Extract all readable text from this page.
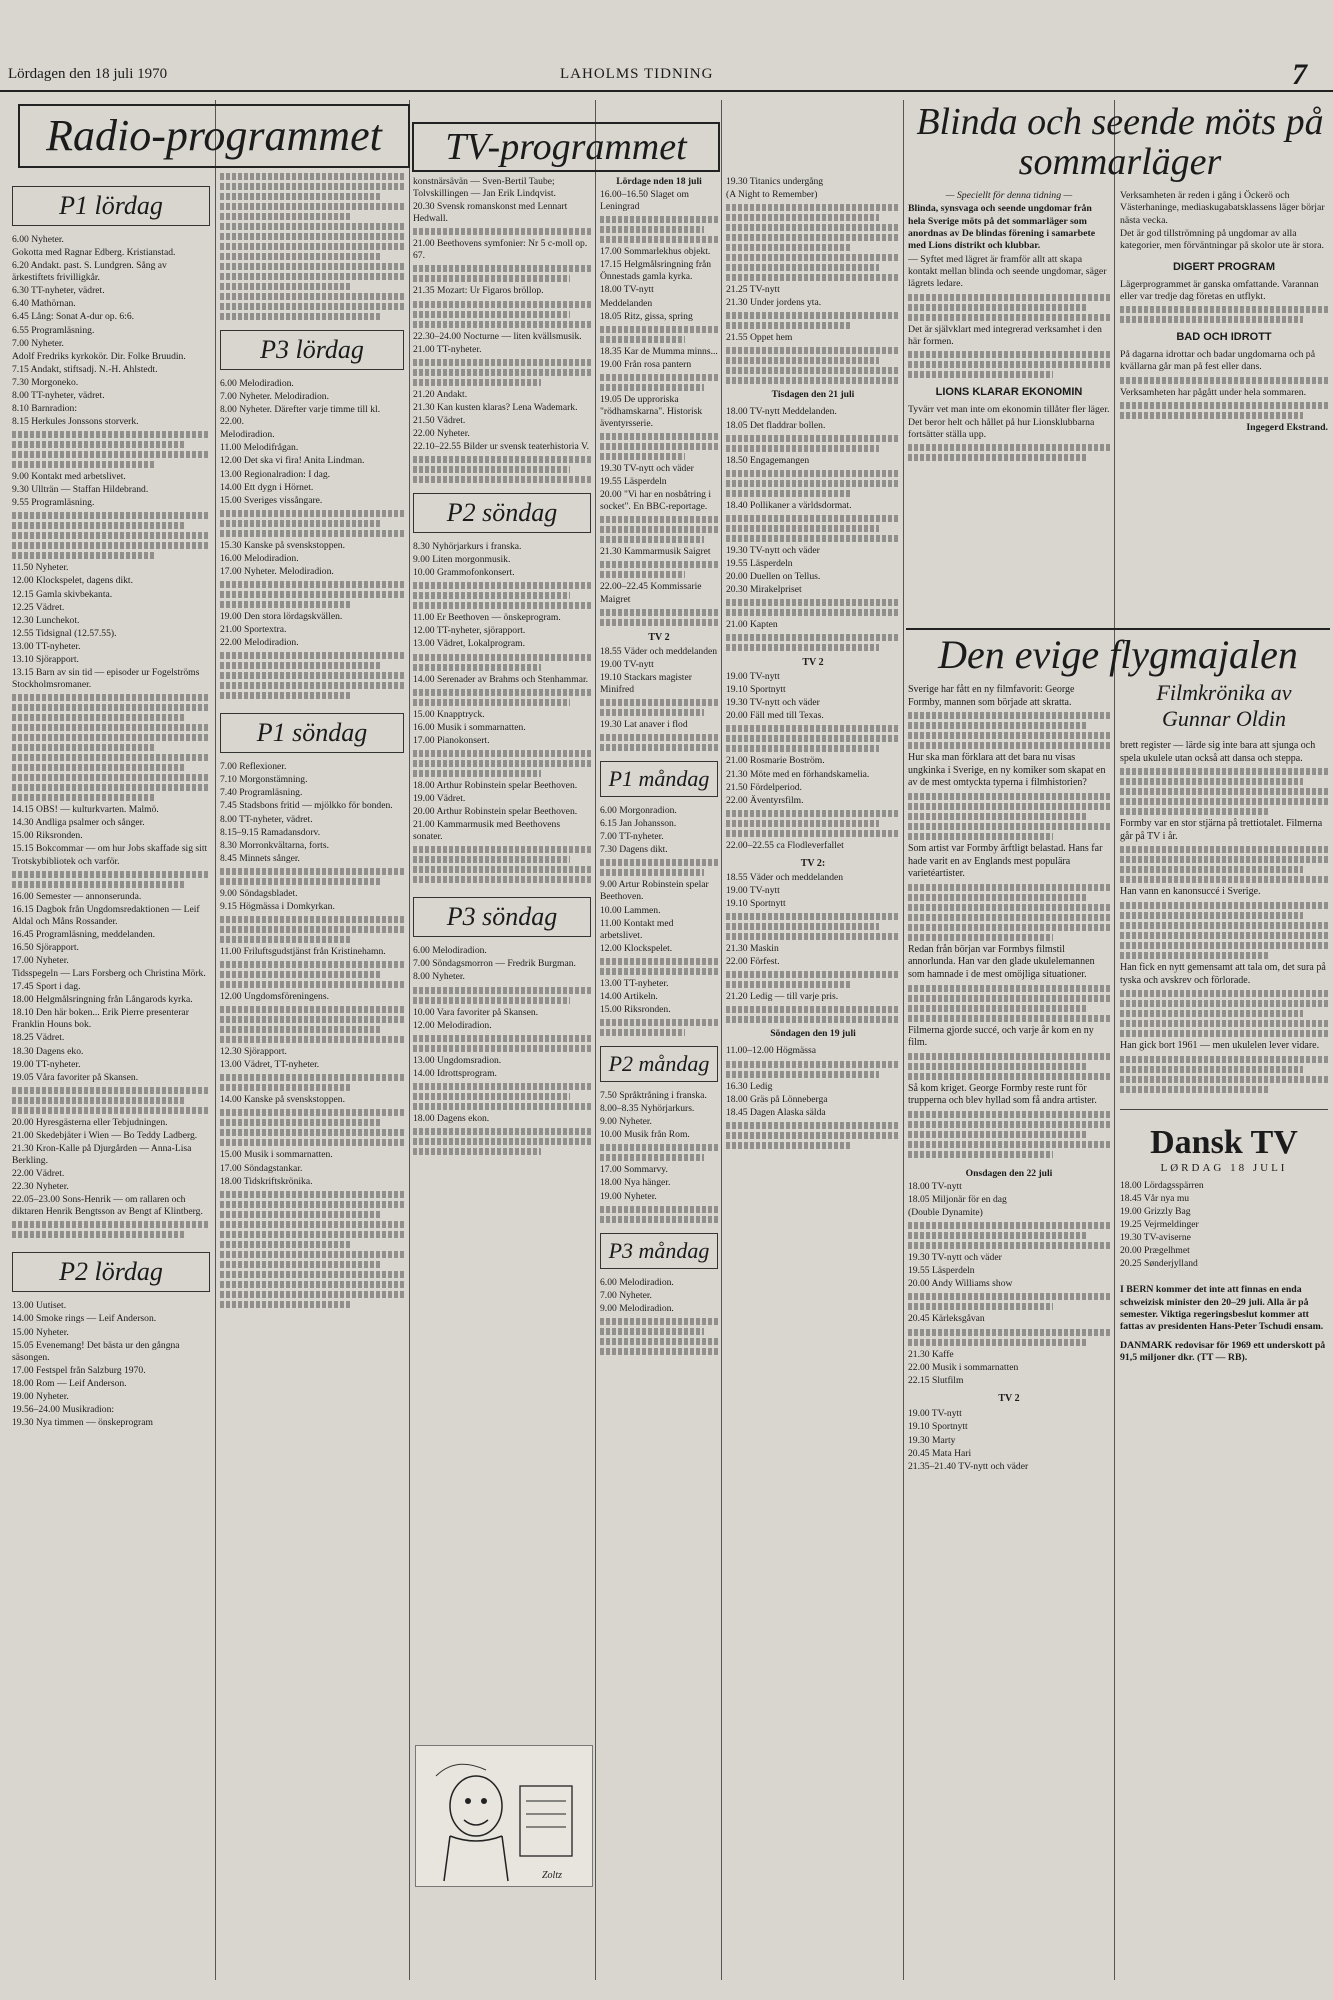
Lördagen den 18 juli 1970	LAHOLMS TIDNING	7
Radio-programmet
P1 lördag

6.00 Nyheter.

Gokotta med Ragnar Edberg. Kristianstad.

6.20 Andakt. past. S. Lundgren. Sång av ärkestiftets frivilligkår.

6.30 TT-nyheter, vädret.

6.40 Mathörnan.

6.45 Lång: Sonat A-dur op. 6:6.

6.55 Programläsning.

7.00 Nyheter.

Adolf Fredriks kyrkokör. Dir. Folke Bruudin.

7.15 Andakt, stiftsadj. N.-H. Ahlstedt.

7.30 Morgoneko.

8.00 TT-nyheter, vädret.

8.10 Barnradion:

8.15 Herkules Jonssons storverk.

9.00 Kontakt med arbetslivet.

9.30 Ullträn — Staffan Hildebrand.

9.55 Programläsning.

11.50 Nyheter.

12.00 Klockspelet, dagens dikt.

12.15 Gamla skivbekanta.

12.25 Vädret.

12.30 Lunchekot.

12.55 Tidsignal (12.57.55).

13.00 TT-nyheter.

13.10 Sjörapport.

13.15 Barn av sin tid — episoder ur Fogelströms Stockholmsromaner.

14.15 OBS! — kulturkvarten. Malmö.

14.30 Andliga psalmer och sånger.

15.00 Riksronden.

15.15 Bokcommar — om hur Jobs skaffade sig sitt Trotskybibliotek och varför.

16.00 Semester — annonserunda.

16.15 Dagbok från Ungdomsredaktionen — Leif Aldal och Måns Rossander.

16.45 Programläsning, meddelanden.

16.50 Sjörapport.

17.00 Nyheter.

Tidsspegeln — Lars Forsberg och Christina Mörk.

17.45 Sport i dag.

18.00 Helgmålsringning från Långarods kyrka.

18.10 Den här boken... Erik Pierre presenterar Franklin Houns bok.

18.25 Vädret.

18.30 Dagens eko.

19.00 TT-nyheter.

19.05 Våra favoriter på Skansen.

20.00 Hyresgästerna eller Tebjudningen.

21.00 Skedebjäter i Wien — Bo Teddy Ladberg.

21.30 Kron-Kalle på Djurgården — Anna-Lisa Berkling.

22.00 Vädret.

22.30 Nyheter.

22.05–23.00 Sons-Henrik — om rallaren och diktaren Henrik Bengtsson av Bengt af Klintberg.

P2 lördag

13.00 Uutiset.

14.00 Smoke rings — Leif Anderson.

15.00 Nyheter.

15.05 Evenemang! Det bästa ur den gångna säsongen.

17.00 Festspel från Salzburg 1970.

18.00 Rom — Leif Anderson.

19.00 Nyheter.

19.56–24.00 Musikradion:

19.30 Nya timmen — önskeprogram

P3 lördag

6.00 Melodiradion.

7.00 Nyheter. Melodiradion.

8.00 Nyheter. Därefter varje timme till kl. 22.00.

Melodiradion.

11.00 Melodifrågan.

12.00 Det ska vi fira! Anita Lindman.

13.00 Regionalradion: I dag.

14.00 Ett dygn i Hörnet.

15.00 Sveriges vissångare.

15.30 Kanske på svenskstoppen.

16.00 Melodiradion.

17.00 Nyheter. Melodiradion.

19.00 Den stora lördagskvällen.

21.00 Sportextra.

22.00 Melodiradion.

P1 söndag

7.00 Reflexioner.

7.10 Morgonstämning.

7.40 Programläsning.

7.45 Stadsbons fritid — mjölkko för bonden.

8.00 TT-nyheter, vädret.

8.15–9.15 Ramadansdorv.

8.30 Morronkvältarna, forts.

8.45 Minnets sånger.

9.00 Söndagsbladet.

9.15 Högmässa i Domkyrkan.

11.00 Friluftsgudstjänst från Kristinehamn.

12.00 Ungdomsföreningens.

12.30 Sjörapport.

13.00 Vädret, TT-nyheter.

14.00 Kanske på svenskstoppen.

15.00 Musik i sommarnatten.

17.00 Söndagstankar.

18.00 Tidskriftskrönika.

TV-programmet

konstnärsävän — Sven-Bertil Taube; Tolvskillingen — Jan Erik Lindqvist.

20.30 Svensk romanskonst med Lennart Hedwall.

21.00 Beethovens symfonier: Nr 5 c-moll op. 67.

21.35 Mozart: Ur Figaros bröllop.

22.30–24.00 Nocturne — liten kvällsmusik.

21.00 TT-nyheter.

21.20 Andakt.

21.30 Kan kusten klaras? Lena Wademark.

21.50 Vädret.

22.00 Nyheter.

22.10–22.55 Bilder ur svensk teaterhistoria V.

P2 söndag

8.30 Nyhörjarkurs i franska.

9.00 Liten morgonmusik.

10.00 Grammofonkonsert.

11.00 Er Beethoven — önskeprogram.

12.00 TT-nyheter, sjörapport.

13.00 Vädret, Lokalprogram.

14.00 Serenader av Brahms och Stenhammar.

15.00 Knapptryck.

16.00 Musik i sommarnatten.

17.00 Pianokonsert.

18.00 Arthur Robinstein spelar Beethoven.

19.00 Vädret.

20.00 Arthur Robinstein spelar Beethoven.

21.00 Kammarmusik med Beethovens sonater.

P3 söndag

6.00 Melodiradion.

7.00 Söndagsmorron — Fredrik Burgman.

8.00 Nyheter.

10.00 Vara favoriter på Skansen.

12.00 Melodiradion.

13.00 Ungdomsradion.

14.00 Idrottsprogram.

18.00 Dagens ekon.

Zoltz

Lördage nden 18 juli

16.00–16.50 Slaget om Leningrad

17.00 Sommarlekhus objekt.

17.15 Helgmålsringning från Önnestads gamla kyrka.

18.00 TV-nytt

Meddelanden

18.05 Ritz, gissa, spring

18.35 Kar de Mumma minns...

19.00 Från rosa pantern

19.05 De upproriska "rödhamskarna". Historisk äventyrsserie.

19.30 TV-nytt och väder

19.55 Läsperdeln

20.00 "Vi har en nosbåtring i socket". En BBC-reportage.

21.30 Kammarmusik Saigret

22.00–22.45 Kommissarie Maigret

TV 2

18.55 Väder och meddelanden

19.00 TV-nytt

19.10 Stackars magister Minifred

19.30 Lat anaver i flod

P1 måndag

6.00 Morgonradion.

6.15 Jan Johansson.

7.00 TT-nyheter.

7.30 Dagens dikt.

9.00 Artur Robinstein spelar Beethoven.

10.00 Lammen.

11.00 Kontakt med arbetslivet.

12.00 Klockspelet.

13.00 TT-nyheter.

14.00 Artikeln.

15.00 Riksronden.

P2 måndag

7.50 Språktråning i franska.

8.00–8.35 Nyhörjarkurs.

9.00 Nyheter.

10.00 Musik från Rom.

17.00 Sommarvy.

18.00 Nya hänger.

19.00 Nyheter.

P3 måndag

6.00 Melodiradion.

7.00 Nyheter.

9.00 Melodiradion.

19.30 Titanics undergång

(A Night to Remember)

21.25 TV-nytt

21.30 Under jordens yta.

21.55 Oppet hem

Tisdagen den 21 juli

18.00 TV-nytt Meddelanden.

18.05 Det fladdrar bollen.

18.50 Engagemangen

18.40 Pollikaner a världsdormat.

19.30 TV-nytt och väder

19.55 Läsperdeln

20.00 Duellen on Tellus.

20.30 Mirakelpriset

21.00 Kapten

TV 2

19.00 TV-nytt

19.10 Sportnytt

19.30 TV-nytt och väder

20.00 Fäll med till Texas.

21.00 Rosmarie Boström.

21.30 Möte med en förhandskamelia.

21.50 Fördelperiod.

22.00 Äventyrsfilm.

22.00–22.55 ca Flodleverfallet

TV 2:

18.55 Väder och meddelanden

19.00 TV-nytt

19.10 Sportnytt

21.30 Maskin

22.00 Förfest.

21.20 Ledig — till varje pris.

Söndagen den 19 juli

11.00–12.00 Högmässa

16.30 Ledig

18.00 Gräs på Lönneberga

18.45 Dagen Alaska sälda

Blinda och seende möts på sommarläger

— Speciellt för denna tidning —

Blinda, synsvaga och seende ungdomar från hela Sverige möts på det sommarläger som anordnas av De blindas förening i samarbete med Lions distrikt och klubbar.

— Syftet med lägret är framför allt att skapa kontakt mellan blinda och seende ungdomar, säger lägrets ledare.

Det är självklart med integrerad verksamhet i den här formen.

LIONS KLARAR EKONOMIN

Tyvärr vet man inte om ekonomin tillåter fler läger. Det beror helt och hållet på hur Lionsklubbarna fortsätter ställa upp.

Verksamheten är reden i gång i Öckerö och Västerhaninge, mediaskugabatsklassens läger börjar nästa vecka.

Det är god tillströmning på ungdomar av alla kategorier, men förväntningar på skolor ute är stora.

DIGERT PROGRAM

Lägerprogrammet är ganska omfattande. Varannan eller var tredje dag företas en utflykt.

BAD OCH IDROTT

På dagarna idrottar och badar ungdomarna och på kvällarna går man på fest eller dans.

Verksamheten har pågått under hela sommaren.

Ingegerd Ekstrand.

Den evige flygmajalen

Sverige har fått en ny filmfavorit: George Formby, mannen som började att skratta.

Hur ska man förklara att det bara nu visas ungkinka i Sverige, en ny komiker som skapat en av de mest omtyckta typerna i filmhistorien?

Som artist var Formby ärftligt belastad. Hans far hade varit en av Englands mest populära varietéartister.

Redan från början var Formbys filmstil annorlunda. Han var den glade ukulelemannen som hamnade i de mest omöjliga situationer.

Filmerna gjorde succé, och varje år kom en ny film.

Så kom kriget. George Formby reste runt för trupperna och blev hyllad som få andra artister.

Onsdagen den 22 juli

18.00 TV-nytt

18.05 Miljonär för en dag

(Double Dynamite)

19.30 TV-nytt och väder

19.55 Läsperdeln

20.00 Andy Williams show

20.45 Kärleksgåvan

21.30 Kaffe

22.00 Musik i sommarnatten

22.15 Slutfilm

TV 2

19.00 TV-nytt

19.10 Sportnytt

19.30 Marty

20.45 Mata Hari

21.35–21.40 TV-nytt och väder

Filmkrönika av Gunnar Oldin

brett register — lärde sig inte bara att sjunga och spela ukulele utan också att dansa och steppa.

Formby var en stor stjärna på trettiotalet. Filmerna går på TV i år.

Han vann en kanonsuccé i Sverige.

Han fick en nytt gemensamt att tala om, det sura på tyska och avskrev och förlorade.

Han gick bort 1961 — men ukulelen lever vidare.

Dansk TV
LØRDAG 18 JULI

18.00 Lördagsspärren

18.45 Vår nya mu

19.00 Grizzly Bag

19.25 Vejrmeldinger

19.30 TV-aviserne

20.00 Prægelhmet

20.25 Sønderjylland

I BERN kommer det inte att finnas en enda schweizisk minister den 20–29 juli. Alla är på semester. Viktiga regeringsbeslut kommer att fattas av presidenten Hans-Peter Tschudi ensam.

DANMARK redovisar för 1969 ett underskott på 91,5 miljoner dkr. (TT — RB).
